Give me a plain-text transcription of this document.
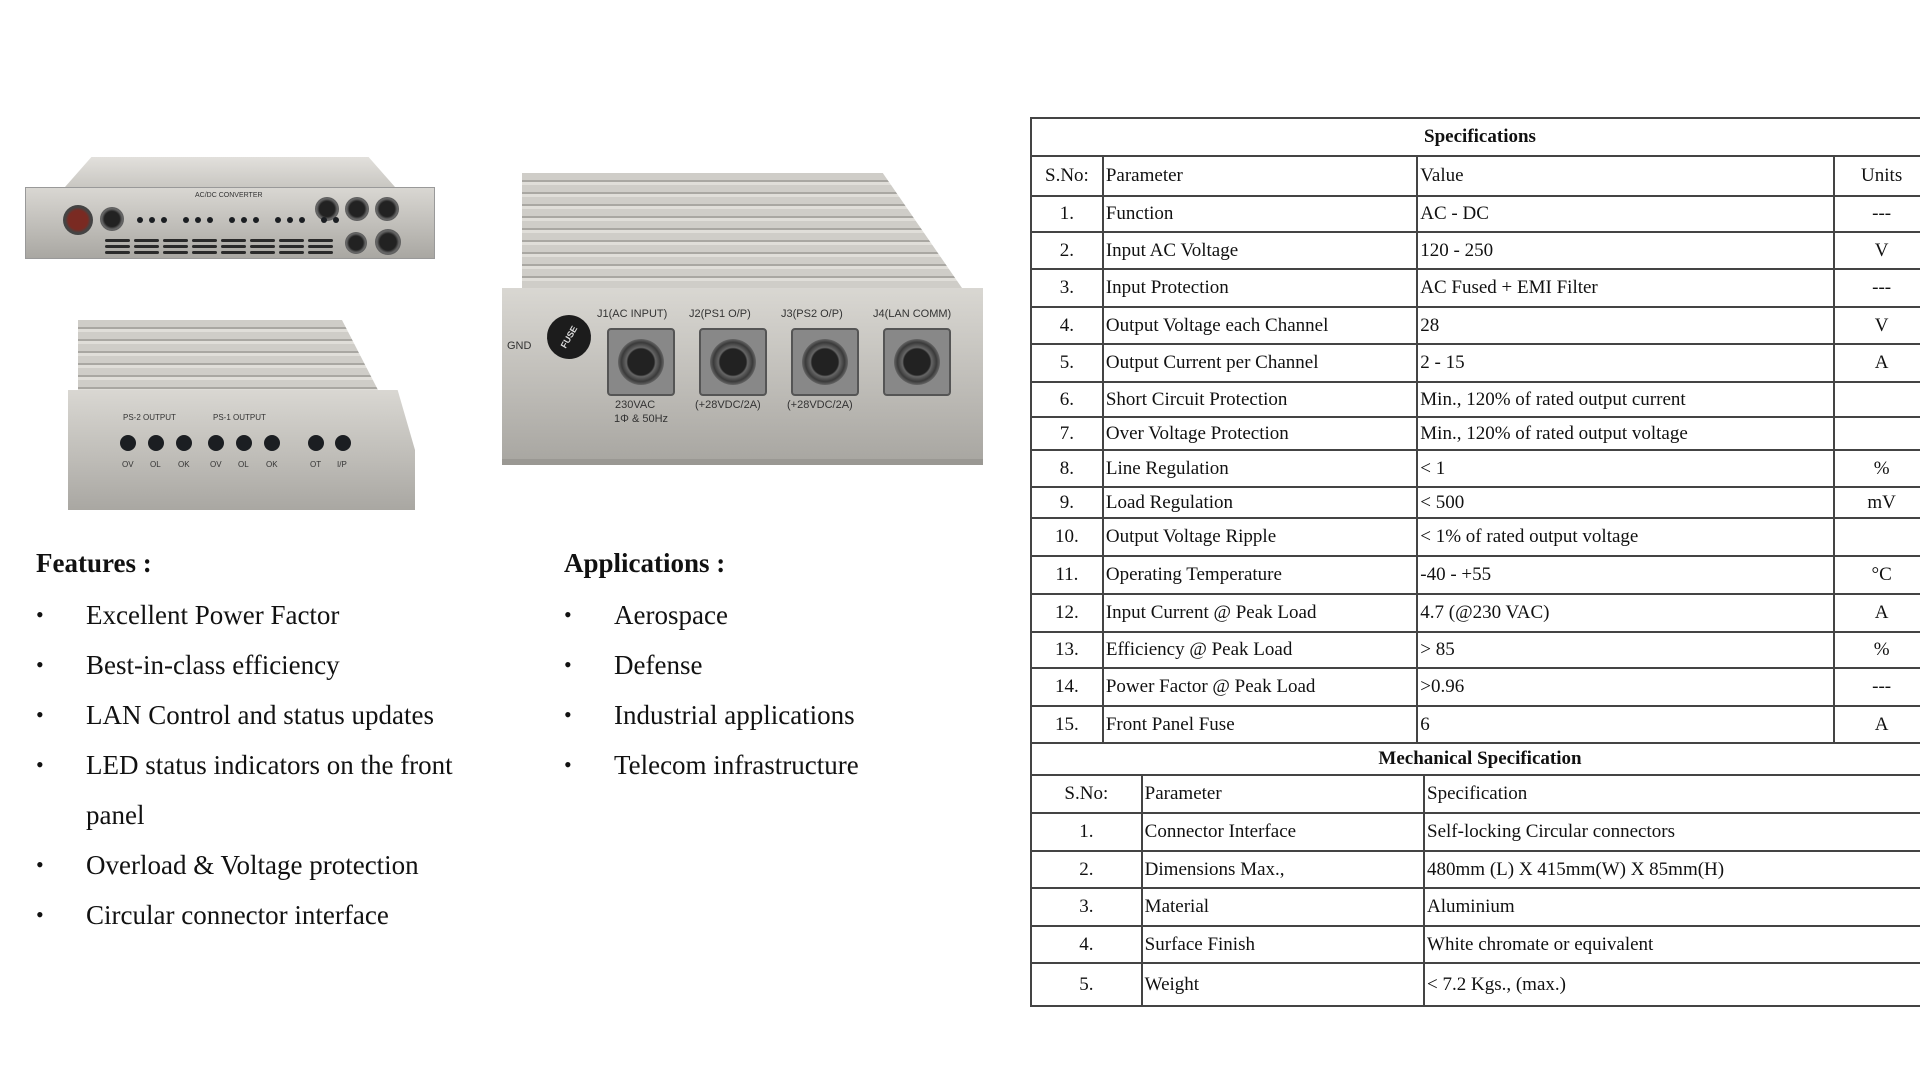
AC/DC CONVERTER
PS-2 OUTPUT	PS-1 OUTPUT
OV OL OK	OV OL OK	OT I/P
GND	FUSE
J1(AC INPUT)
230VAC
J2(PS1 O/P)
(+28VDC/2A)
J3(PS2 O/P)
(+28VDC/2A)
J4(LAN COMM)
1Φ & 50Hz
Features :
• Excellent Power Factor
• Best-in-class efficiency
• LAN Control and status updates
• LED status indicators on the front
panel
• Overload & Voltage protection
• Circular connector interface
Applications :
• Aerospace
• Defense
• Industrial applications
• Telecom infrastructure
Specifications			
S.No:	Parameter	Value	Units
1.	Function	AC - DC	---
2.	Input AC Voltage	120 - 250	V
3.	Input Protection	AC Fused + EMI Filter	---
4.	Output Voltage each Channel	28	V
5.	Output Current per Channel	2 - 15	A
6.	Short Circuit Protection	Min., 120% of rated output current	
7.	Over Voltage Protection	Min., 120% of rated output voltage	
8.	Line Regulation	< 1	%
9.	Load Regulation	< 500	mV
10.	Output Voltage Ripple	< 1% of rated output voltage	
11.	Operating Temperature	-40 - +55	°C
12.	Input Current @ Peak Load	4.7 (@230 VAC)	A
13.	Efficiency @ Peak Load	> 85	%
14.	Power Factor @ Peak Load	>0.96	---
15.	Front Panel Fuse	6	A
Mechanical Specification		
S.No:	Parameter	Specification
1.	Connector Interface	Self-locking Circular connectors
2.	Dimensions Max.,	480mm (L) X 415mm(W) X 85mm(H)
3.	Material	Aluminium
4.	Surface Finish	White chromate or equivalent
5.	Weight	< 7.2 Kgs., (max.)
